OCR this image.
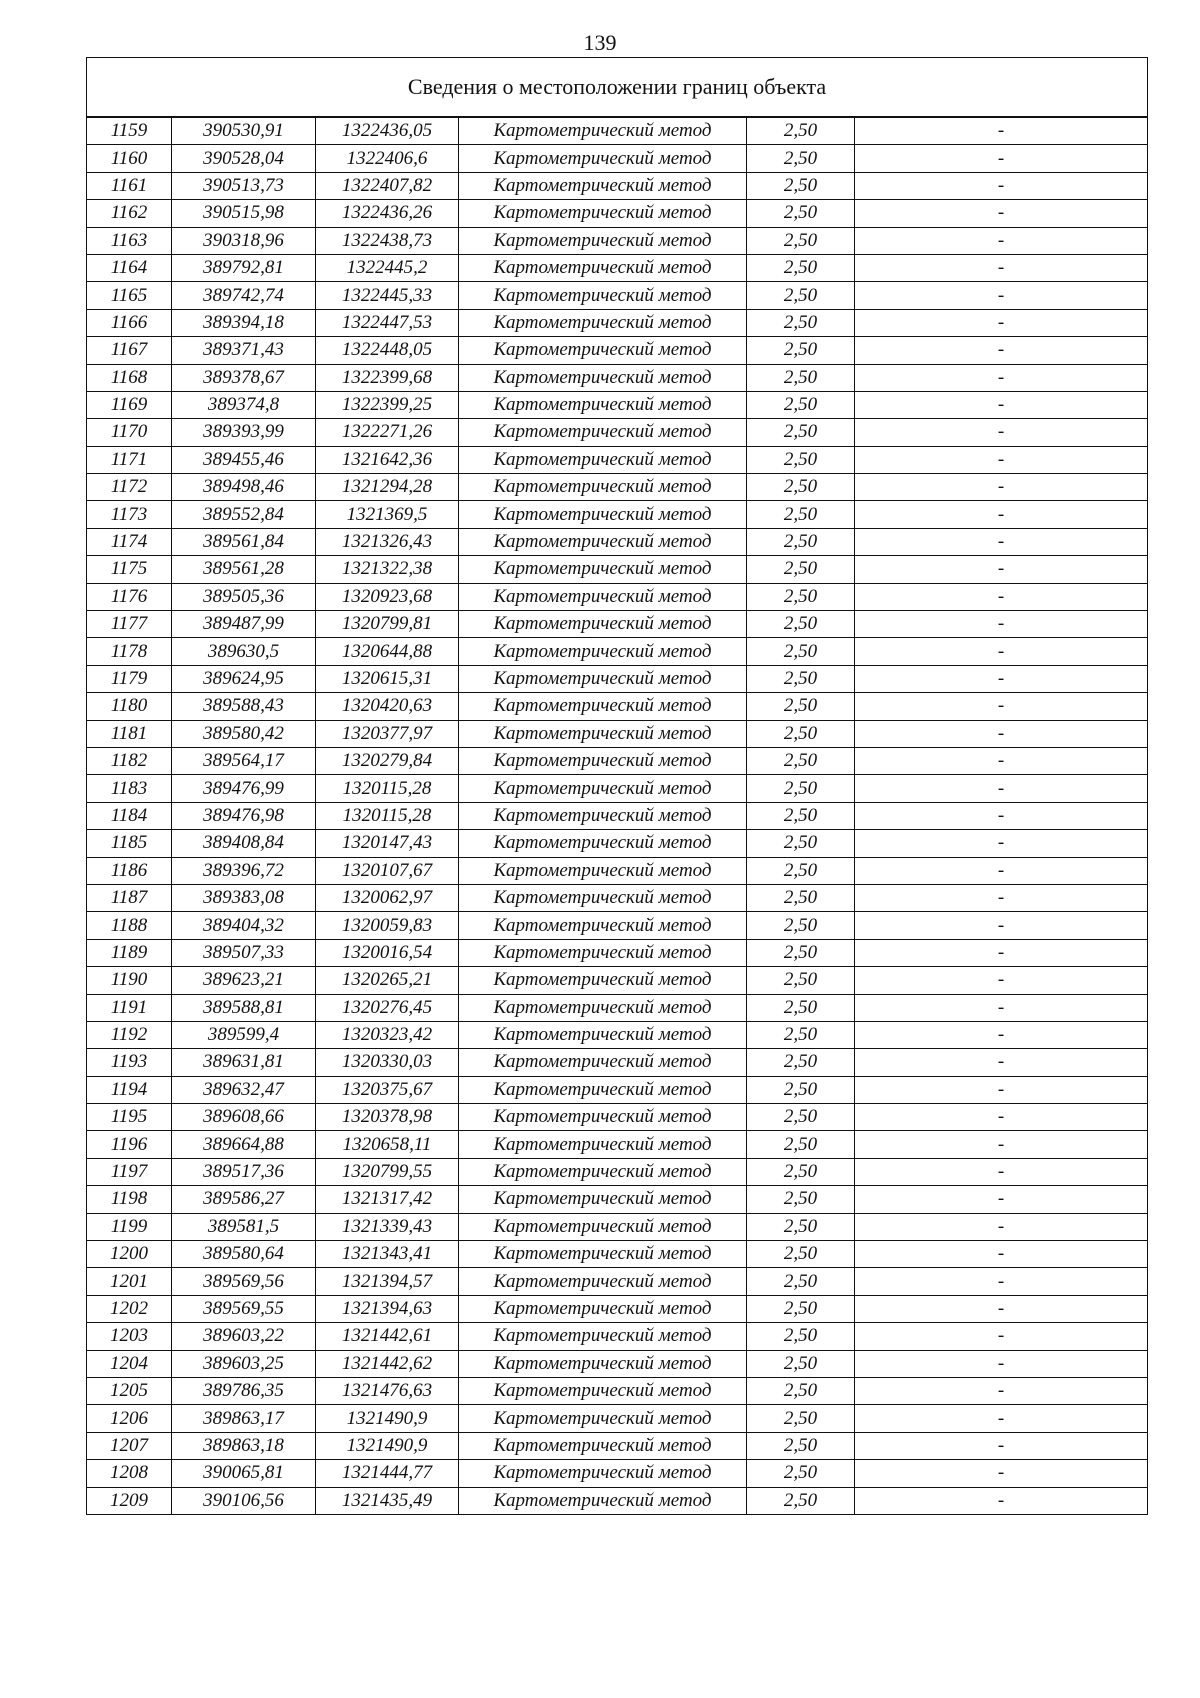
139
Сведения о местоположении границ объекта					
1159	390530,91	1322436,05	Картометрический метод	2,50	-
1160	390528,04	1322406,6	Картометрический метод	2,50	-
1161	390513,73	1322407,82	Картометрический метод	2,50	-
1162	390515,98	1322436,26	Картометрический метод	2,50	-
1163	390318,96	1322438,73	Картометрический метод	2,50	-
1164	389792,81	1322445,2	Картометрический метод	2,50	-
1165	389742,74	1322445,33	Картометрический метод	2,50	-
1166	389394,18	1322447,53	Картометрический метод	2,50	-
1167	389371,43	1322448,05	Картометрический метод	2,50	-
1168	389378,67	1322399,68	Картометрический метод	2,50	-
1169	389374,8	1322399,25	Картометрический метод	2,50	-
1170	389393,99	1322271,26	Картометрический метод	2,50	-
1171	389455,46	1321642,36	Картометрический метод	2,50	-
1172	389498,46	1321294,28	Картометрический метод	2,50	-
1173	389552,84	1321369,5	Картометрический метод	2,50	-
1174	389561,84	1321326,43	Картометрический метод	2,50	-
1175	389561,28	1321322,38	Картометрический метод	2,50	-
1176	389505,36	1320923,68	Картометрический метод	2,50	-
1177	389487,99	1320799,81	Картометрический метод	2,50	-
1178	389630,5	1320644,88	Картометрический метод	2,50	-
1179	389624,95	1320615,31	Картометрический метод	2,50	-
1180	389588,43	1320420,63	Картометрический метод	2,50	-
1181	389580,42	1320377,97	Картометрический метод	2,50	-
1182	389564,17	1320279,84	Картометрический метод	2,50	-
1183	389476,99	1320115,28	Картометрический метод	2,50	-
1184	389476,98	1320115,28	Картометрический метод	2,50	-
1185	389408,84	1320147,43	Картометрический метод	2,50	-
1186	389396,72	1320107,67	Картометрический метод	2,50	-
1187	389383,08	1320062,97	Картометрический метод	2,50	-
1188	389404,32	1320059,83	Картометрический метод	2,50	-
1189	389507,33	1320016,54	Картометрический метод	2,50	-
1190	389623,21	1320265,21	Картометрический метод	2,50	-
1191	389588,81	1320276,45	Картометрический метод	2,50	-
1192	389599,4	1320323,42	Картометрический метод	2,50	-
1193	389631,81	1320330,03	Картометрический метод	2,50	-
1194	389632,47	1320375,67	Картометрический метод	2,50	-
1195	389608,66	1320378,98	Картометрический метод	2,50	-
1196	389664,88	1320658,11	Картометрический метод	2,50	-
1197	389517,36	1320799,55	Картометрический метод	2,50	-
1198	389586,27	1321317,42	Картометрический метод	2,50	-
1199	389581,5	1321339,43	Картометрический метод	2,50	-
1200	389580,64	1321343,41	Картометрический метод	2,50	-
1201	389569,56	1321394,57	Картометрический метод	2,50	-
1202	389569,55	1321394,63	Картометрический метод	2,50	-
1203	389603,22	1321442,61	Картометрический метод	2,50	-
1204	389603,25	1321442,62	Картометрический метод	2,50	-
1205	389786,35	1321476,63	Картометрический метод	2,50	-
1206	389863,17	1321490,9	Картометрический метод	2,50	-
1207	389863,18	1321490,9	Картометрический метод	2,50	-
1208	390065,81	1321444,77	Картометрический метод	2,50	-
1209	390106,56	1321435,49	Картометрический метод	2,50	-
